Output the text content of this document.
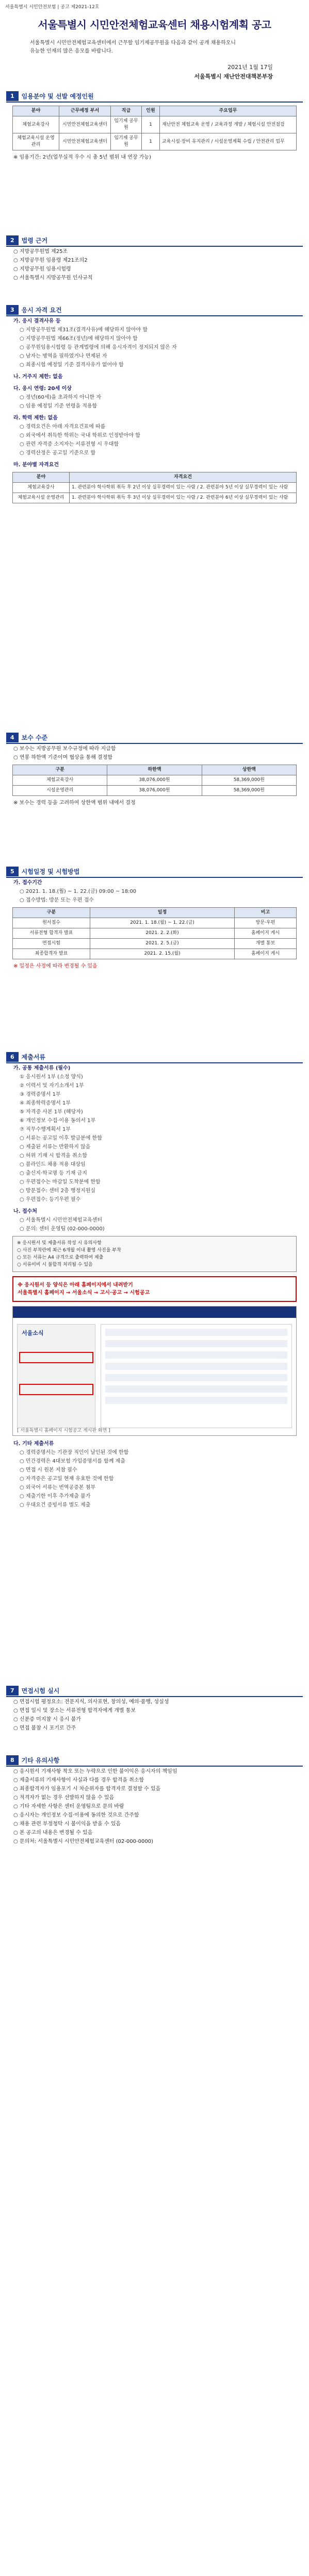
서울특별시 시민안전보험 | 공고 제2021-12호
서울특별시 시민안전체험교육센터 채용시험계획 공고
서울특별시 시민안전체험교육센터에서 근무할 임기제공무원을 다음과 같이 공개 채용하오니
유능한 인재의 많은 응모를 바랍니다.
2021년 1월 17일
서울특별시 재난안전대책본부장
1	임용분야 및 선발 예정인원
분야	근무예정 부서	직급	인원	주요업무
체험교육강사	시민안전체험교육센터	임기제 공무원	1	재난안전 체험교육 운영 / 교육과정 개발 / 체험시설 안전점검
체험교육시설 운영 관리	시민안전체험교육센터	임기제 공무원	1	교육시설·장비 유지관리 / 시설운영계획 수립 / 안전관리 업무
※ 임용기간: 2년(업무실적 우수 시 총 5년 범위 내 연장 가능)
2	법령 근거
○ 지방공무원법 제25조
○ 지방공무원 임용령 제21조의2
○ 지방공무원 임용시험령
○ 서울특별시 지방공무원 인사규칙
3	응시 자격 요건
가. 응시 결격사유 등
○ 지방공무원법 제31조(결격사유)에 해당하지 않아야 함
○ 지방공무원법 제66조(정년)에 해당하지 않아야 함
○ 공무원임용시험령 등 관계법령에 의해 응시자격이 정지되지 않은 자
○ 남자는 병역을 필하였거나 면제된 자
○ 최종시험 예정일 기준 결격사유가 없어야 함
나. 거주지 제한: 없음
다. 응시 연령: 20세 이상
○ 정년(60세)을 초과하지 아니한 자
○ 임용 예정일 기준 연령을 적용함
라. 학력 제한: 없음
○ 경력요건은 아래 자격요건표에 따름
○ 외국에서 취득한 학위는 국내 학위로 인정받아야 함
○ 관련 자격증 소지자는 서류전형 시 우대함
○ 경력산정은 공고일 기준으로 함
마. 분야별 자격요건
분야	자격요건
체험교육강사	1. 관련분야 학사학위 취득 후 2년 이상 실무경력이 있는 사람 / 2. 관련분야 5년 이상 실무경력이 있는 사람
체험교육시설 운영관리	1. 관련분야 학사학위 취득 후 3년 이상 실무경력이 있는 사람 / 2. 관련분야 6년 이상 실무경력이 있는 사람
4	보수 수준
○ 보수는 지방공무원 보수규정에 따라 지급함
○ 연봉 하한액 기준이며 협상을 통해 결정함
구분	하한액	상한액
체험교육강사	38,076,000원	58,369,000원
시설운영관리	38,076,000원	58,369,000원
※ 보수는 경력 등을 고려하여 상한액 범위 내에서 결정
5	시험일정 및 시험방법
가. 접수기간
○ 2021. 1. 18.(월) ~ 1. 22.(금) 09:00 ~ 18:00
○ 접수방법: 방문 또는 우편 접수
구분	일정	비고
원서접수	2021. 1. 18.(월) ~ 1. 22.(금)	방문·우편
서류전형 합격자 발표	2021. 2. 2.(화)	홈페이지 게시
면접시험	2021. 2. 5.(금)	개별 통보
최종합격자 발표	2021. 2. 15.(월)	홈페이지 게시
※ 일정은 사정에 따라 변경될 수 있음
6	제출서류
가. 공통 제출서류 (필수)
① 응시원서 1부 (소정 양식)
② 이력서 및 자기소개서 1부
③ 경력증명서 1부
④ 최종학력증명서 1부
⑤ 자격증 사본 1부 (해당자)
⑥ 개인정보 수집·이용 동의서 1부
⑦ 직무수행계획서 1부
○ 서류는 공고일 이후 발급분에 한함
○ 제출된 서류는 반환하지 않음
○ 허위 기재 시 합격을 취소함
○ 블라인드 채용 적용 대상임
○ 출신지·학교명 등 기재 금지
○ 우편접수는 마감일 도착분에 한함
○ 방문접수: 센터 2층 행정지원실
○ 우편접수: 등기우편 필수
나. 접수처
○ 서울특별시 시민안전체험교육센터
○ 문의: 센터 운영팀 (02-000-0000)
※ 응시원서 및 제출서류 작성 시 유의사항
○ 사진 부착란에 최근 6개월 이내 촬영 사진을 부착
○ 모든 서류는 A4 규격으로 출력하여 제출
○ 서류미비 시 불합격 처리될 수 있음
※ 응시원서 등 양식은 아래 홈페이지에서 내려받기
서울특별시 홈페이지 → 서울소식 → 고시·공고 → 시험공고
서울소식
[ 서울특별시 홈페이지 시험공고 게시판 화면 ]
다. 기타 제출서류
○ 경력증명서는 기관장 직인이 날인된 것에 한함
○ 민간경력은 4대보험 가입증명서를 함께 제출
○ 면접 시 원본 지참 필수
○ 자격증은 공고일 현재 유효한 것에 한함
○ 외국어 서류는 번역공증본 첨부
○ 제출기한 이후 추가제출 불가
○ 우대요건 증빙서류 별도 제출
7	면접시험 실시
○ 면접시험 평정요소: 전문지식, 의사표현, 창의성, 예의·품행, 성실성
○ 면접 일시 및 장소는 서류전형 합격자에게 개별 통보
○ 신분증 미지참 시 응시 불가
○ 면접 불참 시 포기로 간주
8	기타 유의사항
○ 응시원서 기재사항 착오 또는 누락으로 인한 불이익은 응시자의 책임임
○ 제출서류의 기재사항이 사실과 다를 경우 합격을 취소함
○ 최종합격자가 임용포기 시 차순위자를 합격자로 결정할 수 있음
○ 적격자가 없는 경우 선발하지 않을 수 있음
○ 기타 자세한 사항은 센터 운영팀으로 문의 바람
○ 응시자는 개인정보 수집·이용에 동의한 것으로 간주함
○ 채용 관련 부정청탁 시 불이익을 받을 수 있음
○ 본 공고의 내용은 변경될 수 있음
○ 문의처: 서울특별시 시민안전체험교육센터 (02-000-0000)
